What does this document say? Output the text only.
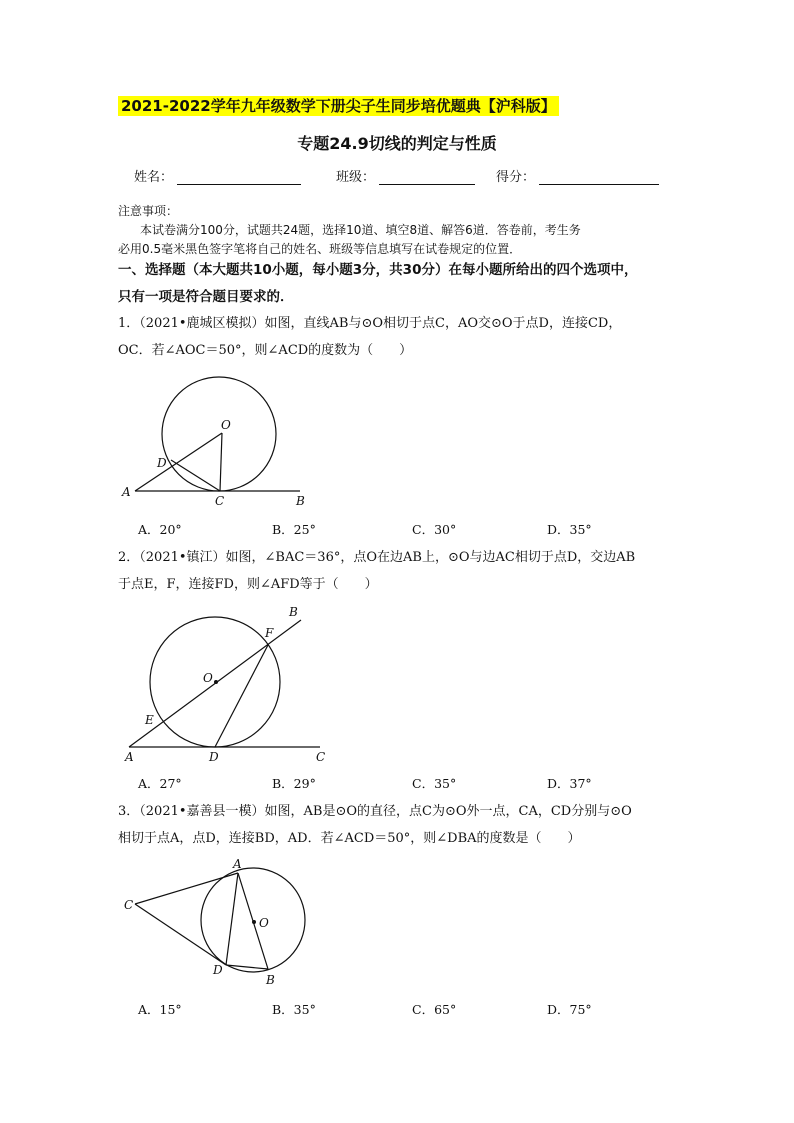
2021-2022学年九年级数学下册尖子生同步培优题典【沪科版】
专题24.9切线的判定与性质
姓名：	班级：	得分：
注意事项：
本试卷满分100分，试题共24题，选择10道、填空8道、解答6道．答卷前，考生务
必用0.5毫米黑色签字笔将自己的姓名、班级等信息填写在试卷规定的位置．
一、选择题（本大题共10小题，每小题3分，共30分）在每小题所给出的四个选项中，
只有一项是符合题目要求的．
1．（2021•鹿城区模拟）如图，直线AB与⊙O相切于点C，AO交⊙O于点D，连接CD，
OC．若∠AOC＝50°，则∠ACD的度数为（　　）
O
D
A
C	B
A．20°	B．25°	C．30°	D．35°
2．（2021•镇江）如图，∠BAC＝36°，点O在边AB上，⊙O与边AC相切于点D，交边AB
于点E，F，连接FD，则∠AFD等于（　　）
B
F
O
E
A	D	C
A．27°	B．29°	C．35°	D．37°
3．（2021•嘉善县一模）如图，AB是⊙O的直径，点C为⊙O外一点，CA，CD分别与⊙O
相切于点A，点D，连接BD，AD．若∠ACD＝50°，则∠DBA的度数是（　　）
A
C
O
D
B
A．15°	B．35°	C．65°	D．75°
